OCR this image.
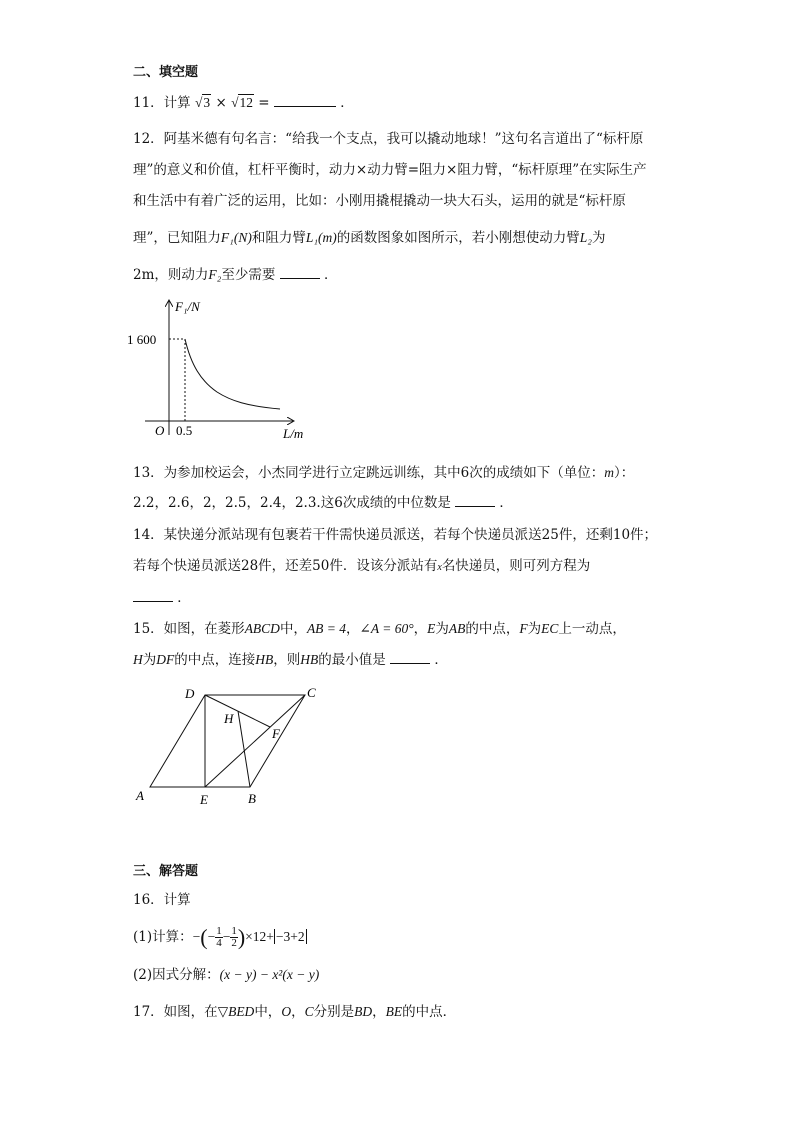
二、填空题
11．计算 √3 × √12 =	．
12．阿基米德有句名言：“给我一个支点，我可以撬动地球！”这句名言道出了“标杆原
理”的意义和价值，杠杆平衡时，动力×动力臂=阻力×阻力臂，“标杆原理”在实际生产
和生活中有着广泛的运用，比如：小刚用撬棍撬动一块大石头，运用的就是“标杆原
理”，已知阻力F₁(N)和阻力臂L₁(m)的函数图象如图所示，若小刚想使动力臂L₂为
2m，则动力F₂至少需要	．
F₁/N
L/m
O
1 600
0.5
13．为参加校运会，小杰同学进行立定跳远训练，其中6次的成绩如下（单位：m）：
2.2，2.6，2，2.5，2.4，2.3.这6次成绩的中位数是	．
14．某快递分派站现有包裹若干件需快递员派送，若每个快递员派送25件，还剩10件；
若每个快递员派送28件，还差50件．设该分派站有x名快递员，则可列方程为
．
15．如图，在菱形ABCD中，AB = 4，∠A = 60°，E为AB的中点，F为EC上一动点，
H为DF的中点，连接HB，则HB的最小值是	．
A	B
C
D
E
F
H
三、解答题
16．计算
(1)计算：−(− $\frac{1}{4} - \frac{1}{2} )\times 12+ -3+2$
(2)因式分解：(x − y) − x²(x − y)
17．如图，在▽BED中，O，C分别是BD，BE的中点．
